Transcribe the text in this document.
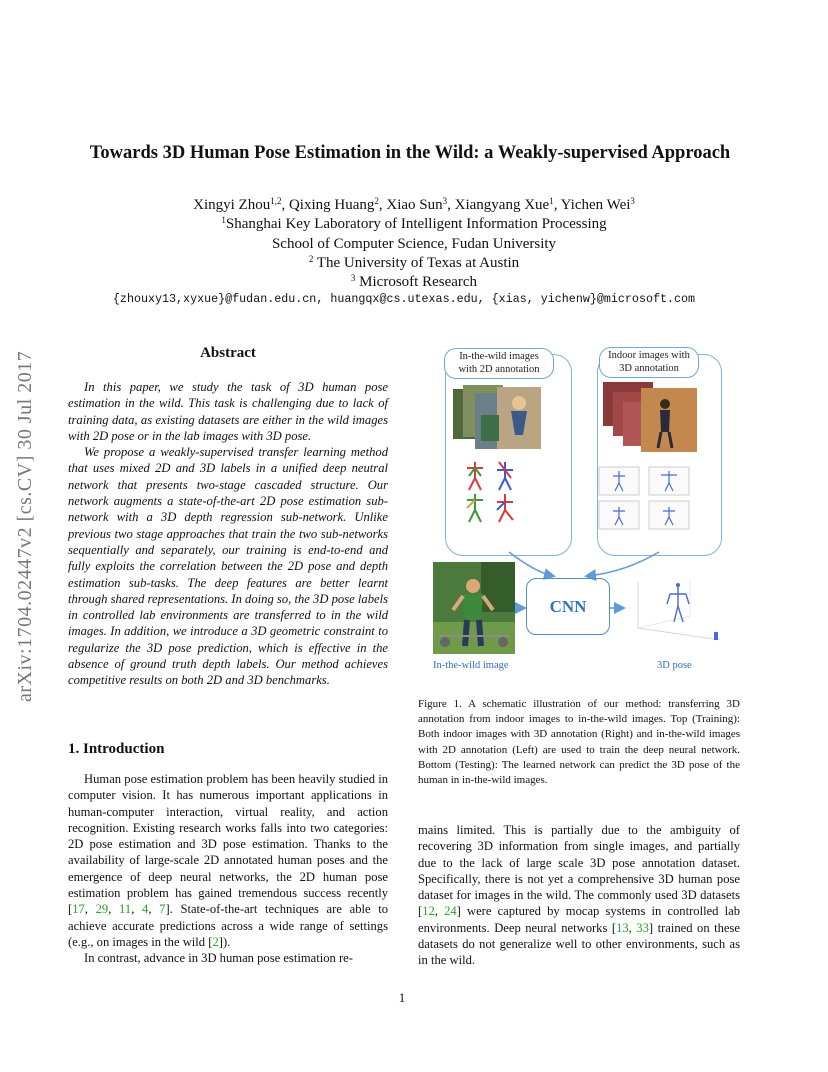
arXiv:1704.02447v2 [cs.CV] 30 Jul 2017
Towards 3D Human Pose Estimation in the Wild: a Weakly-supervised Approach
Xingyi Zhou$^{1,2}$, Qixing Huang$^2$, Xiao Sun$^3$, Xiangyang Xue$^1$, Yichen Wei$^3$
$^1$Shanghai Key Laboratory of Intelligent Information Processing
School of Computer Science, Fudan University
$^2$ The University of Texas at Austin
$^3$ Microsoft Research
{zhouxy13,xyxue}@fudan.edu.cn, huangqx@cs.utexas.edu, {xias, yichenw}@microsoft.com
Abstract

In this paper, we study the task of 3D human pose estimation in the wild. This task is challenging due to lack of training data, as existing datasets are either in the wild images with 2D pose or in the lab images with 3D pose.

We propose a weakly-supervised transfer learning method that uses mixed 2D and 3D labels in a unified deep neutral network that presents two-stage cascaded structure. Our network augments a state-of-the-art 2D pose estimation sub-network with a 3D depth regression sub-network. Unlike previous two stage approaches that train the two sub-networks sequentially and separately, our training is end-to-end and fully exploits the correlation between the 2D pose and depth estimation sub-tasks. The deep features are better learnt through shared representations. In doing so, the 3D pose labels in controlled lab environments are transferred to in the wild images. In addition, we introduce a 3D geometric constraint to regularize the 3D pose prediction, which is effective in the absence of ground truth depth labels. Our method achieves competitive results on both 2D and 3D benchmarks.

1. Introduction

Human pose estimation problem has been heavily studied in computer vision. It has numerous important applications in human-computer interaction, virtual reality, and action recognition. Existing research works falls into two categories: 2D pose estimation and 3D pose estimation. Thanks to the availability of large-scale 2D annotated human poses and the emergence of deep neural networks, the 2D human pose estimation problem has gained tremendous success recently [17, 29, 11, 4, 7]. State-of-the-art techniques are able to achieve accurate predictions across a wide range of settings (e.g., on images in the wild [2]).

In contrast, advance in 3D human pose estimation re-

In-the-wild images with 2D annotation
Indoor images with 3D annotation
CNN
In-the-wild image	3D pose
Figure 1. A schematic illustration of our method: transferring 3D annotation from indoor images to in-the-wild images. Top (Training): Both indoor images with 3D annotation (Right) and in-the-wild images with 2D annotation (Left) are used to train the deep neural network. Bottom (Testing): The learned network can predict the 3D pose of the human in in-the-wild images.

mains limited. This is partially due to the ambiguity of recovering 3D information from single images, and partially due to the lack of large scale 3D pose annotation dataset. Specifically, there is not yet a comprehensive 3D human pose dataset for images in the wild. The commonly used 3D datasets [12, 24] were captured by mocap systems in controlled lab environments. Deep neural networks [13, 33] trained on these datasets do not generalize well to other environments, such as in the wild.

1
